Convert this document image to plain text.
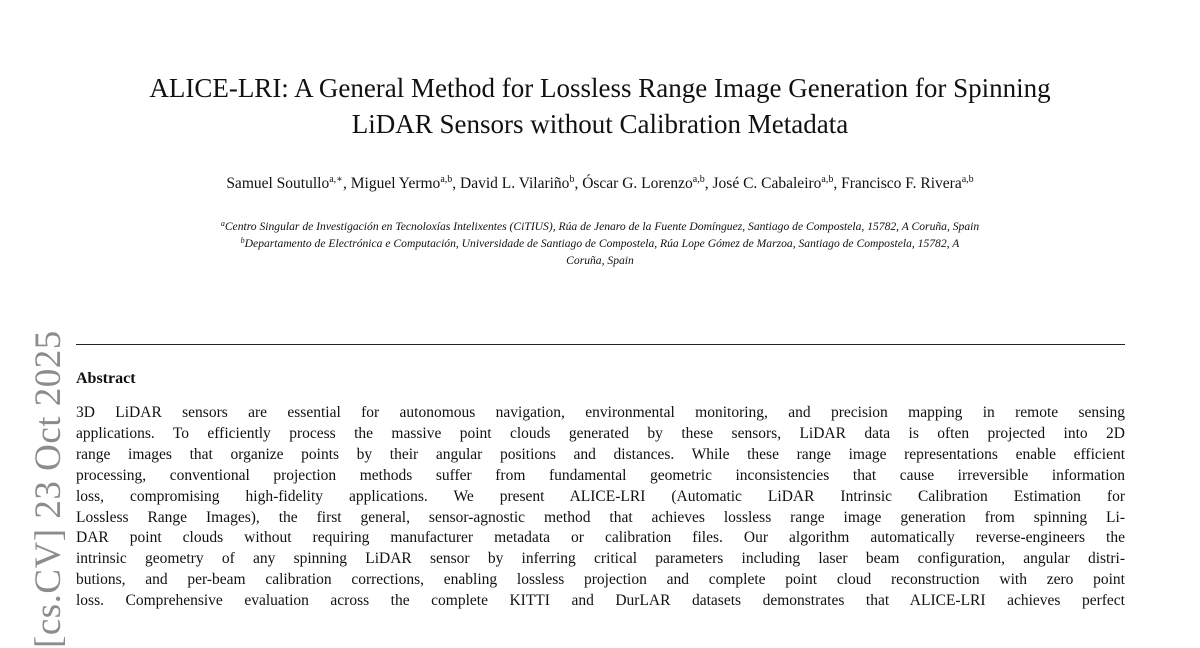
[cs.CV] 23 Oct 2025
ALICE-LRI: A General Method for Lossless Range Image Generation for Spinning
LiDAR Sensors without Calibration Metadata
Samuel Soutullo$^{a,∗}$, Miguel Yermo$^{a,b}$, David L. Vilariño$^b$, Óscar G. Lorenzo$^{a,b}$, José C. Cabaleiro$^{a,b}$, Francisco F. Rivera$^{a,b}$
$^a$Centro Singular de Investigación en Tecnoloxías Intelixentes (CiTIUS), Rúa de Jenaro de la Fuente Domínguez, Santiago de Compostela, 15782, A Coruña, Spain
$^b$Departamento de Electrónica e Computación, Universidade de Santiago de Compostela, Rúa Lope Gómez de Marzoa, Santiago de Compostela, 15782, A
Coruña, Spain
Abstract
3D LiDAR sensors are essential for autonomous navigation, environmental monitoring, and precision mapping in remote sensing
applications. To efficiently process the massive point clouds generated by these sensors, LiDAR data is often projected into 2D
range images that organize points by their angular positions and distances. While these range image representations enable efficient
processing, conventional projection methods suffer from fundamental geometric inconsistencies that cause irreversible information
loss, compromising high-fidelity applications. We present ALICE-LRI (Automatic LiDAR Intrinsic Calibration Estimation for
Lossless Range Images), the first general, sensor-agnostic method that achieves lossless range image generation from spinning Li-
DAR point clouds without requiring manufacturer metadata or calibration files. Our algorithm automatically reverse-engineers the
intrinsic geometry of any spinning LiDAR sensor by inferring critical parameters including laser beam configuration, angular distri-
butions, and per-beam calibration corrections, enabling lossless projection and complete point cloud reconstruction with zero point
loss. Comprehensive evaluation across the complete KITTI and DurLAR datasets demonstrates that ALICE-LRI achieves perfect
